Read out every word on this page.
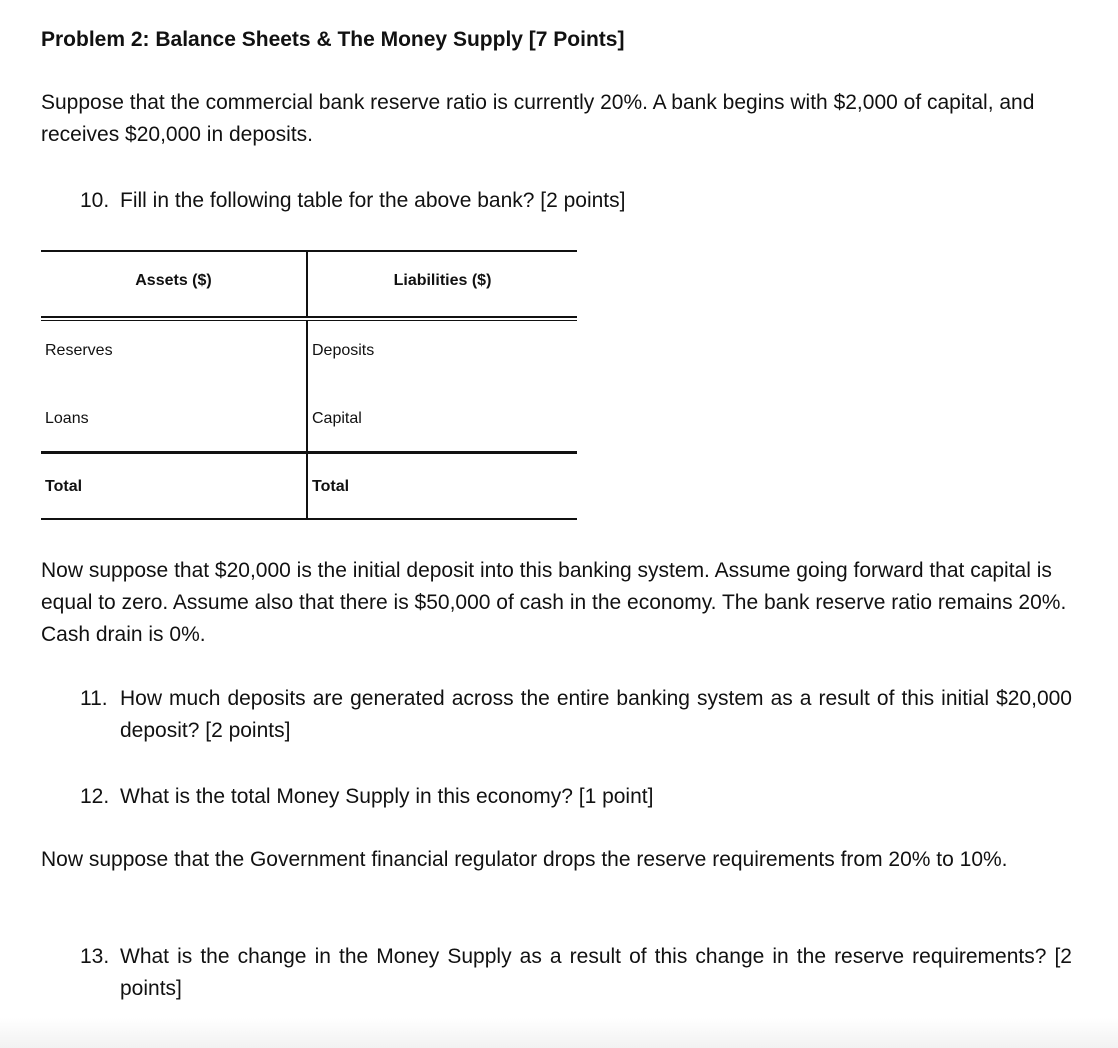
Problem 2: Balance Sheets & The Money Supply [7 Points]
Suppose that the commercial bank reserve ratio is currently 20%. A bank begins with $2,000 of capital, and receives $20,000 in deposits.
10. Fill in the following table for the above bank? [2 points]
Assets ($)	Liabilities ($)
Reserves
Loans
Total
Deposits
Capital
Total
Now suppose that $20,000 is the initial deposit into this banking system. Assume going forward that capital is equal to zero. Assume also that there is $50,000 of cash in the economy. The bank reserve ratio remains 20%. Cash drain is 0%.
11. How much deposits are generated across the entire banking system as a result of this initial $20,000 deposit? [2 points]
12. What is the total Money Supply in this economy? [1 point]
Now suppose that the Government financial regulator drops the reserve requirements from 20% to 10%.
13. What is the change in the Money Supply as a result of this change in the reserve requirements? [2 points]
